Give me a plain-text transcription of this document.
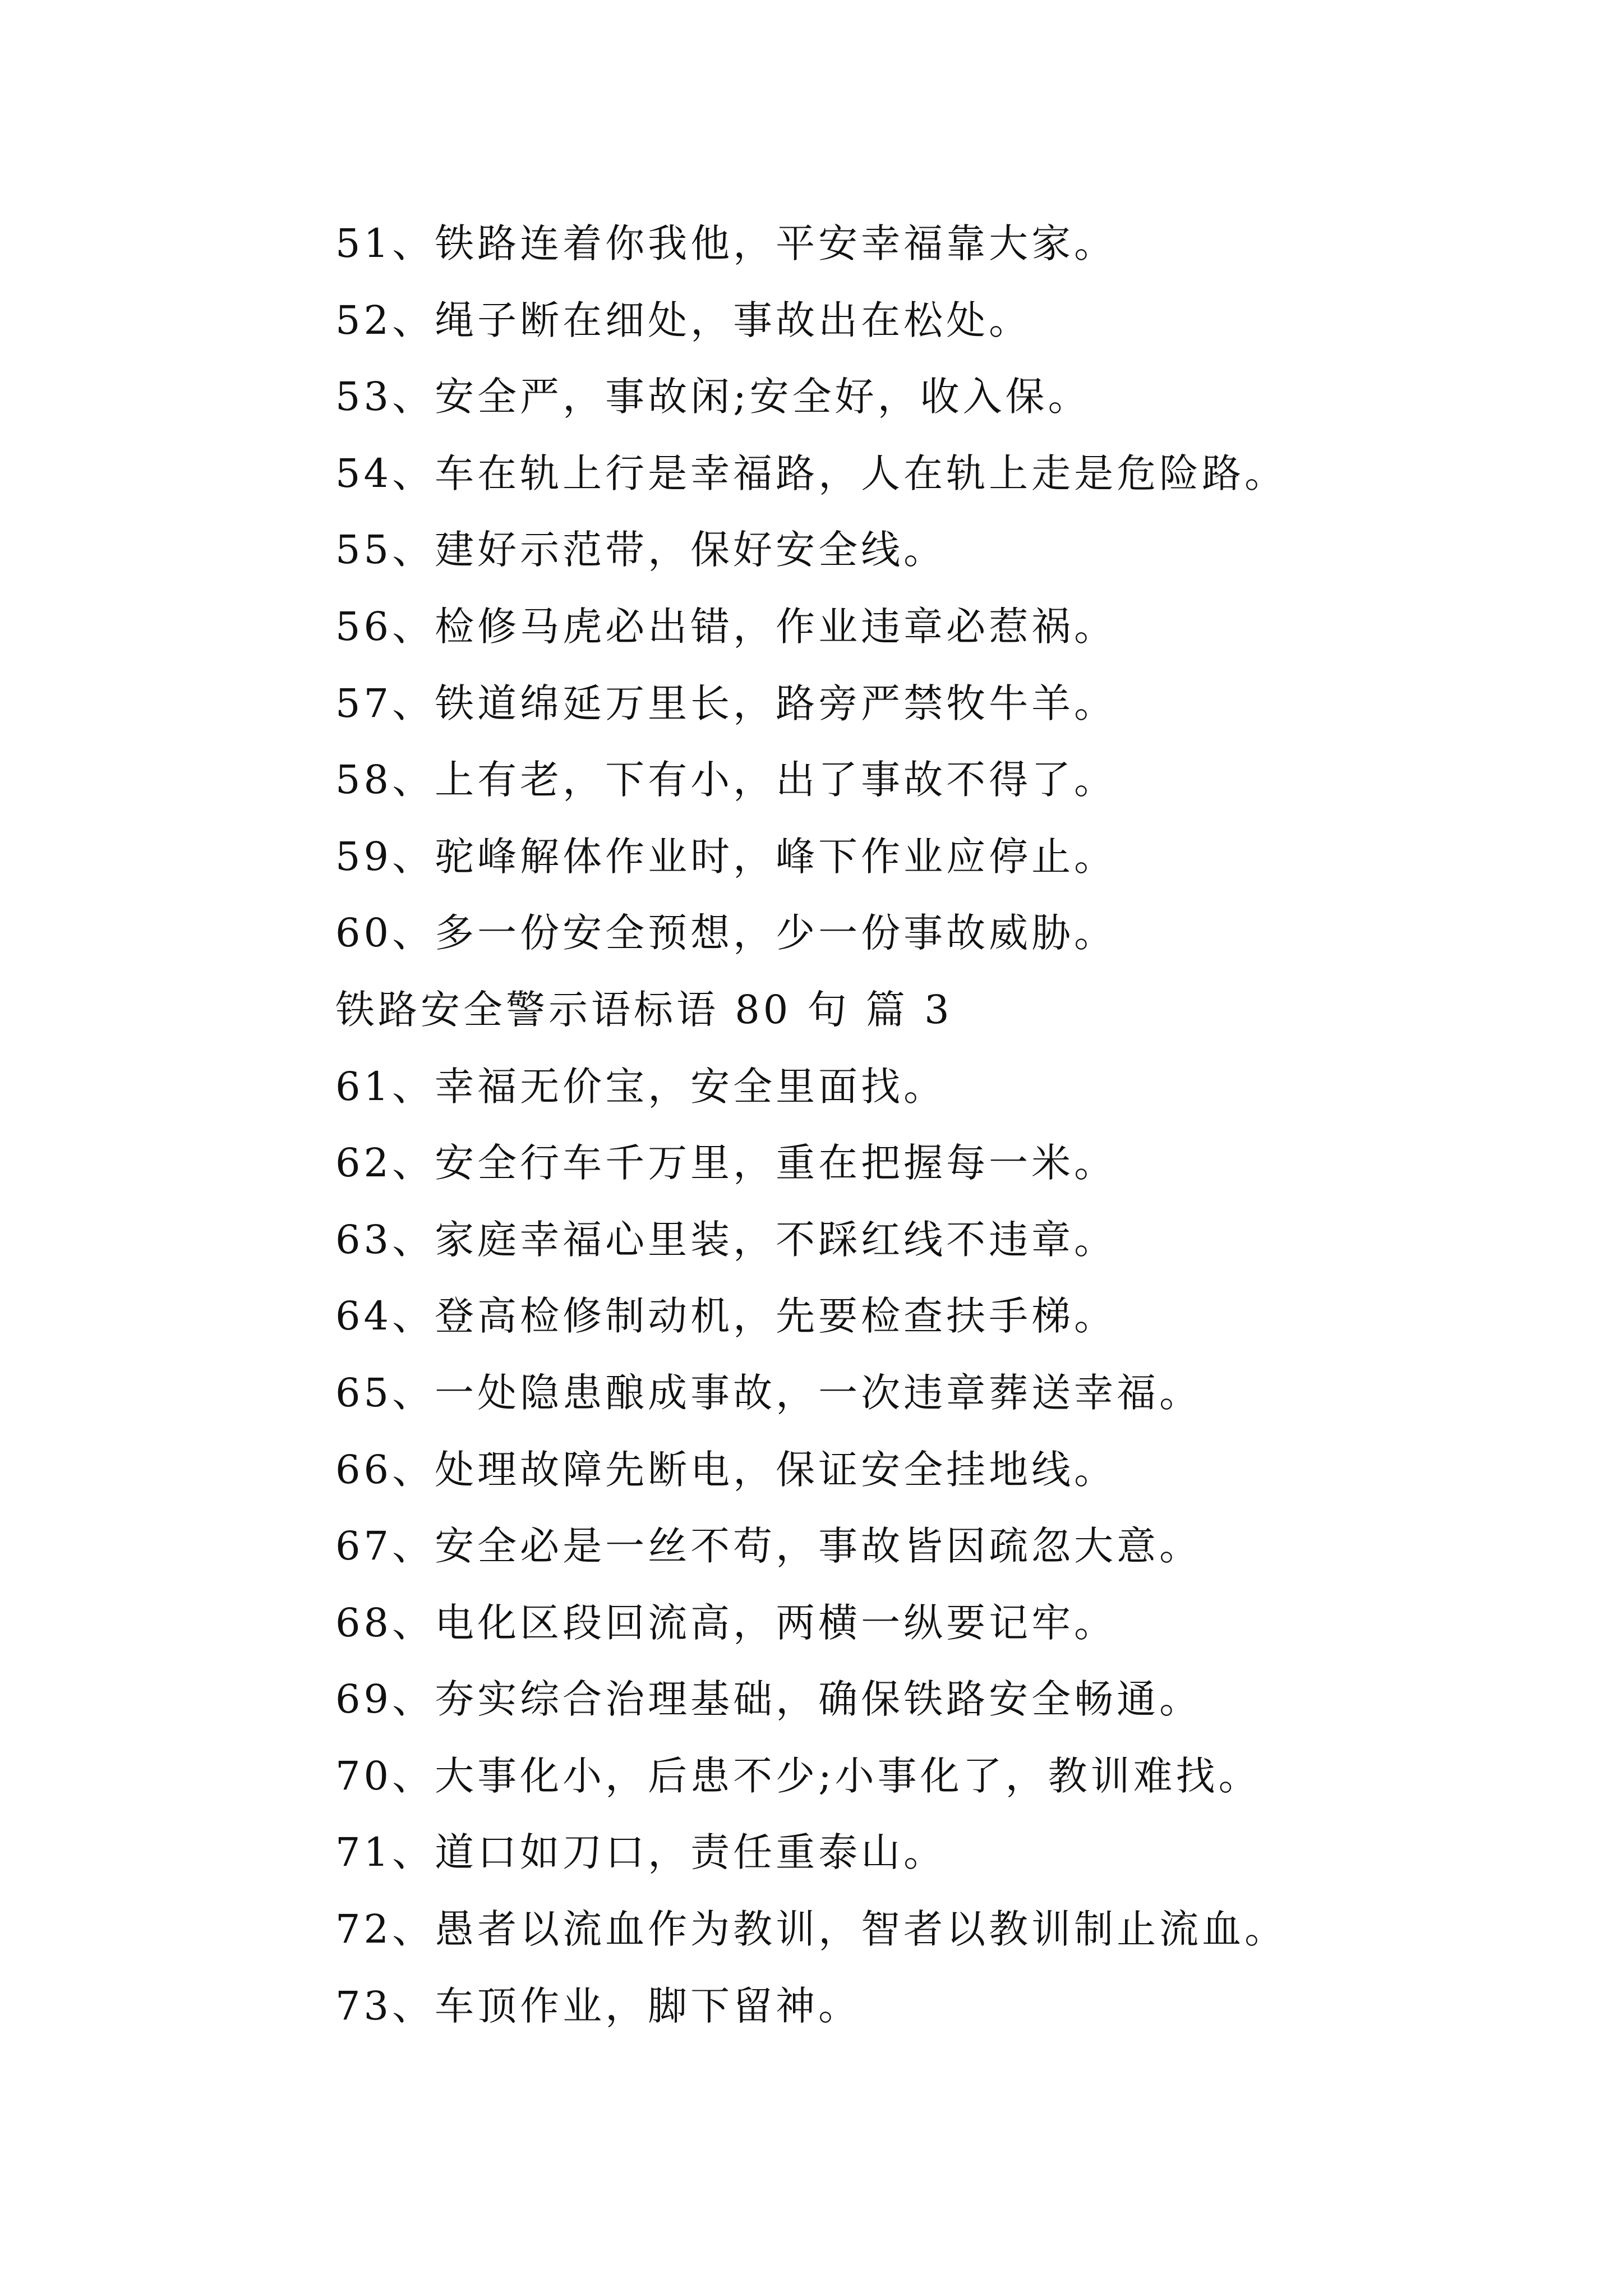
51、铁路连着你我他，平安幸福靠大家。
52、绳子断在细处，事故出在松处。
53、安全严，事故闲;安全好，收入保。
54、车在轨上行是幸福路，人在轨上走是危险路。
55、建好示范带，保好安全线。
56、检修马虎必出错，作业违章必惹祸。
57、铁道绵延万里长，路旁严禁牧牛羊。
58、上有老，下有小，出了事故不得了。
59、驼峰解体作业时，峰下作业应停止。
60、多一份安全预想，少一份事故威胁。
铁路安全警示语标语 80 句 篇 3
61、幸福无价宝，安全里面找。
62、安全行车千万里，重在把握每一米。
63、家庭幸福心里装，不踩红线不违章。
64、登高检修制动机，先要检查扶手梯。
65、一处隐患酿成事故，一次违章葬送幸福。
66、处理故障先断电，保证安全挂地线。
67、安全必是一丝不苟，事故皆因疏忽大意。
68、电化区段回流高，两横一纵要记牢。
69、夯实综合治理基础，确保铁路安全畅通。
70、大事化小，后患不少;小事化了，教训难找。
71、道口如刀口，责任重泰山。
72、愚者以流血作为教训，智者以教训制止流血。
73、车顶作业，脚下留神。
